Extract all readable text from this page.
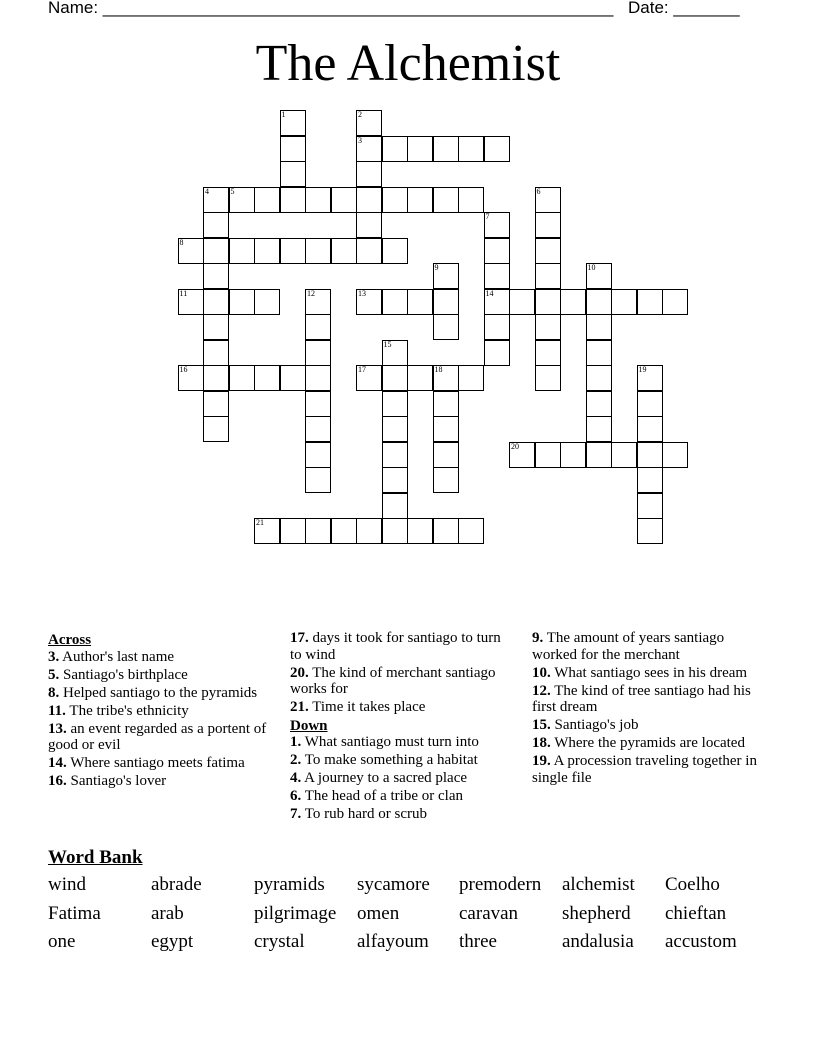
Name: ______________________________________________________ Date: _______
The Alchemist
1	2
3
4	5	6
7
14
8
9	10
11	12	13
15
16	17	18	19
20
21
Across
3. Author's last name
5. Santiago's birthplace
8. Helped santiago to the pyramids
11. The tribe's ethnicity
13. an event regarded as a portent of good or evil
14. Where santiago meets fatima
16. Santiago's lover
17. days it took for santiago to turn to wind
20. The kind of merchant santiago works for
21. Time it takes place
Down
1. What santiago must turn into
2. To make something a habitat
4. A journey to a sacred place
6. The head of a tribe or clan
7. To rub hard or scrub
9. The amount of years santiago worked for the merchant
10. What santiago sees in his dream
12. The kind of tree santiago had his first dream
15. Santiago's job
18. Where the pyramids are located
19. A procession traveling together in single file
Word Bank
wind	abrade	pyramids sycamore premodern alchemist Coelho
Fatima	arab	pilgrimage omen	caravan shepherd chieftan
one	egypt	crystal	alfayoum three	andalusia accustom
